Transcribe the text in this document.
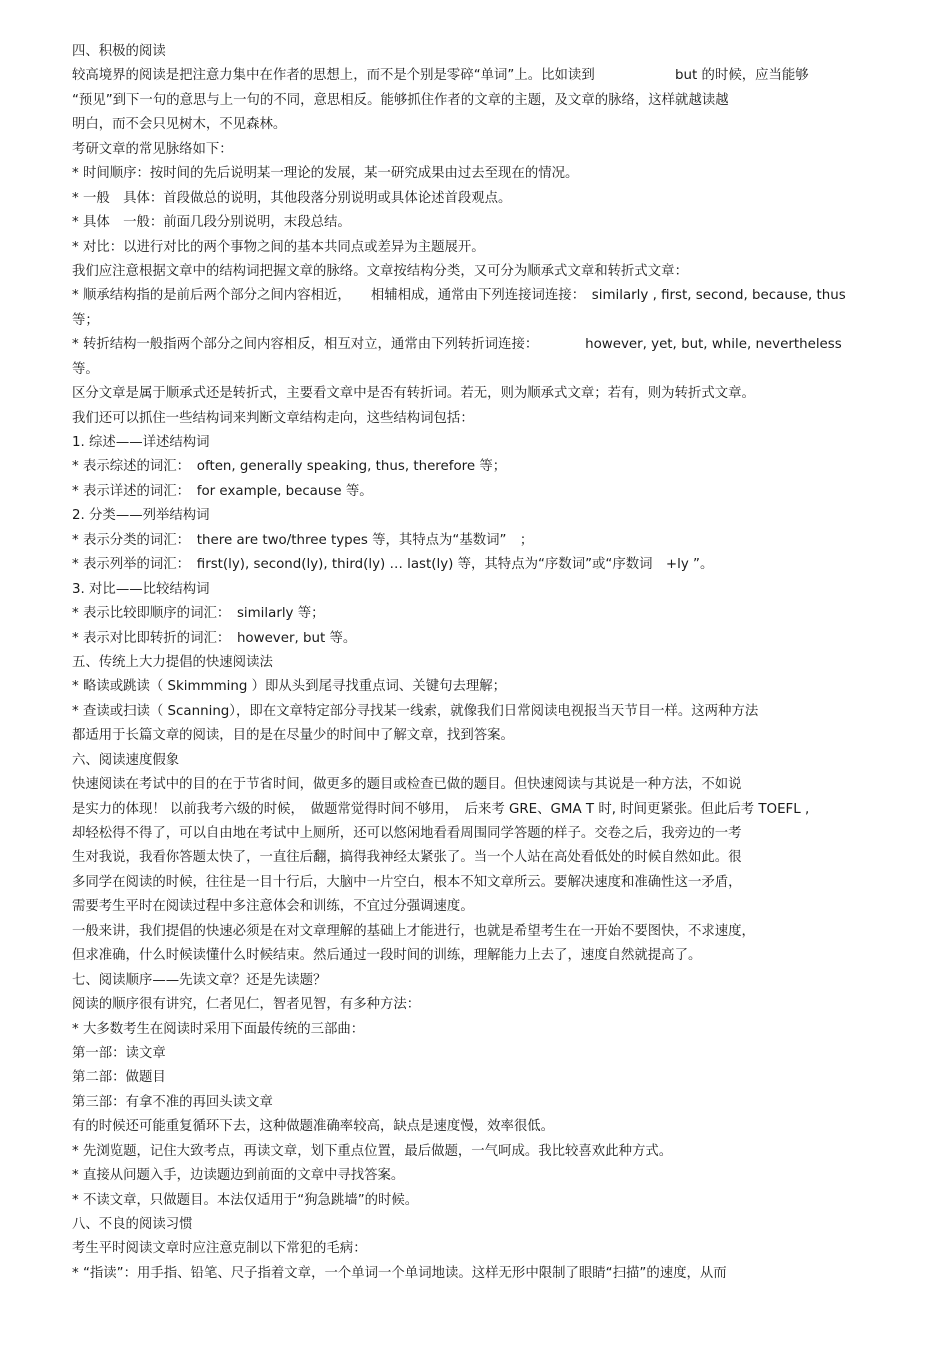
四、积极的阅读
较高境界的阅读是把注意力集中在作者的思想上，而不是个别是零碎“单词”上。比如读到　　　　　　but 的时候，应当能够
“预见”到下一句的意思与上一句的不同，意思相反。能够抓住作者的文章的主题，及文章的脉络，这样就越读越
明白，而不会只见树木，不见森林。
考研文章的常见脉络如下：
* 时间顺序：按时间的先后说明某一理论的发展，某一研究成果由过去至现在的情况。
* 一般　具体：首段做总的说明，其他段落分别说明或具体论述首段观点。
* 具体　一般：前面几段分别说明，末段总结。
* 对比：以进行对比的两个事物之间的基本共同点或差异为主题展开。
我们应注意根据文章中的结构词把握文章的脉络。文章按结构分类，又可分为顺承式文章和转折式文章：
* 顺承结构指的是前后两个部分之间内容相近，　　相辅相成，通常由下列连接词连接：　similarly , first, second, because, thus
等；
* 转折结构一般指两个部分之间内容相反，相互对立，通常由下列转折词连接：　　　　however, yet, but, while, nevertheless
等。
区分文章是属于顺承式还是转折式，主要看文章中是否有转折词。若无，则为顺承式文章；若有，则为转折式文章。
我们还可以抓住一些结构词来判断文章结构走向，这些结构词包括：
1. 综述——详述结构词
* 表示综述的词汇：　often, generally speaking, thus, therefore 等；
* 表示详述的词汇：　for example, because 等。
2. 分类——列举结构词
* 表示分类的词汇：　there are two/three types 等，其特点为“基数词”　；
* 表示列举的词汇：　first(ly), second(ly), third(ly) … last(ly) 等，其特点为“序数词”或“序数词　+ly ”。
3. 对比——比较结构词
* 表示比较即顺序的词汇：　similarly 等；
* 表示对比即转折的词汇：　however, but 等。
五、传统上大力提倡的快速阅读法
* 略读或跳读（ Skimmming ）即从头到尾寻找重点词、关键句去理解；
* 查读或扫读（ Scanning），即在文章特定部分寻找某一线索，就像我们日常阅读电视报当天节目一样。这两种方法
都适用于长篇文章的阅读，目的是在尽量少的时间中了解文章，找到答案。
六、阅读速度假象
快速阅读在考试中的目的在于节省时间，做更多的题目或检查已做的题目。但快速阅读与其说是一种方法，不如说
是实力的体现！ 以前我考六级的时候，　做题常觉得时间不够用，　后来考 GRE、GMA T 时, 时间更紧张。但此后考 TOEFL ,
却轻松得不得了，可以自由地在考试中上厕所，还可以悠闲地看看周围同学答题的样子。交卷之后，我旁边的一考
生对我说，我看你答题太快了，一直往后翻，搞得我神经太紧张了。当一个人站在高处看低处的时候自然如此。很
多同学在阅读的时候，往往是一目十行后，大脑中一片空白，根本不知文章所云。要解决速度和准确性这一矛盾，
需要考生平时在阅读过程中多注意体会和训练，不宜过分强调速度。
一般来讲，我们提倡的快速必须是在对文章理解的基础上才能进行，也就是希望考生在一开始不要图快，不求速度，
但求准确，什么时候读懂什么时候结束。然后通过一段时间的训练，理解能力上去了，速度自然就提高了。
七、阅读顺序——先读文章？还是先读题？
阅读的顺序很有讲究，仁者见仁，智者见智，有多种方法：
* 大多数考生在阅读时采用下面最传统的三部曲：
第一部：读文章
第二部：做题目
第三部：有拿不准的再回头读文章
有的时候还可能重复循环下去，这种做题准确率较高，缺点是速度慢，效率很低。
* 先浏览题，记住大致考点，再读文章，划下重点位置，最后做题，一气呵成。我比较喜欢此种方式。
* 直接从问题入手，边读题边到前面的文章中寻找答案。
* 不读文章，只做题目。本法仅适用于“狗急跳墙”的时候。
八、不良的阅读习惯
考生平时阅读文章时应注意克制以下常犯的毛病：
* “指读”：用手指、铅笔、尺子指着文章，一个单词一个单词地读。这样无形中限制了眼睛“扫描”的速度，从而
